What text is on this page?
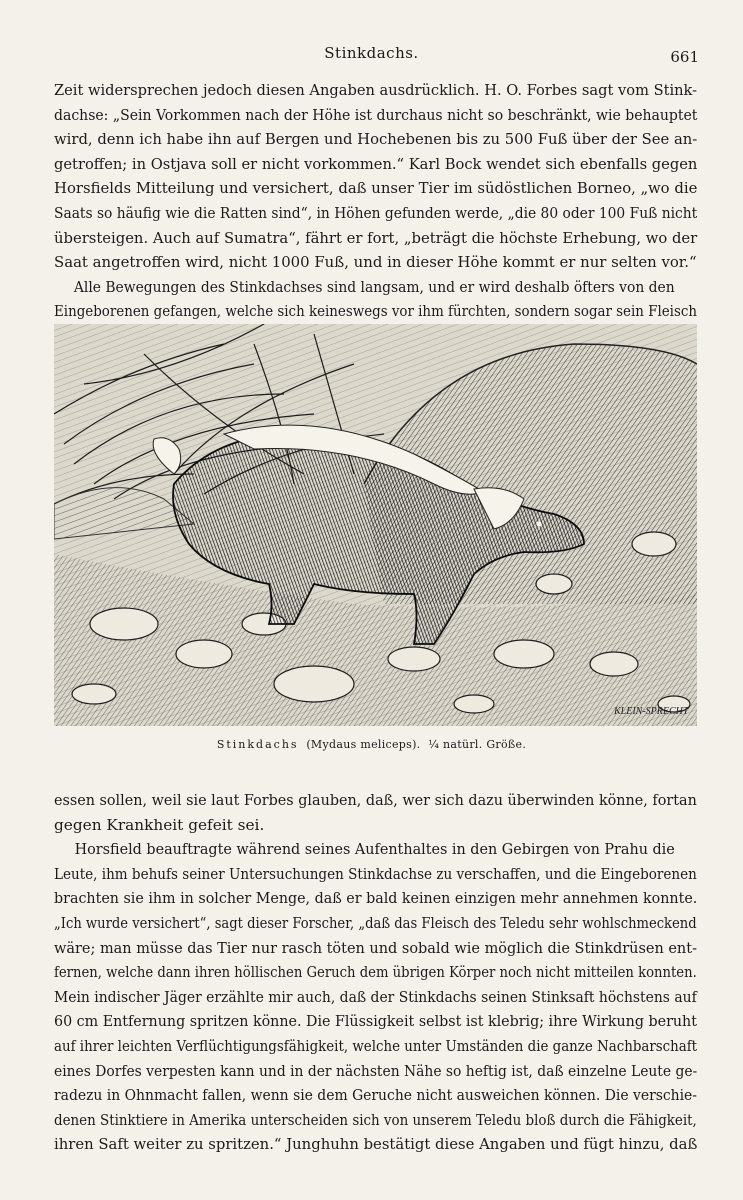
Stinkdachs.	661

Zeit widersprechen jedoch diesen Angaben ausdrücklich. H. O. Forbes sagt vom Stink-
dachse: „Sein Vorkommen nach der Höhe ist durchaus nicht so beschränkt, wie behauptet
wird, denn ich habe ihn auf Bergen und Hochebenen bis zu 500 Fuß über der See an-
getroffen; in Ostjava soll er nicht vorkommen.“ Karl Bock wendet sich ebenfalls gegen
Horsfields Mitteilung und versichert, daß unser Tier im südöstlichen Borneo, „wo die
Saats so häufig wie die Ratten sind“, in Höhen gefunden werde, „die 80 oder 100 Fuß nicht
übersteigen. Auch auf Sumatra“, fährt er fort, „beträgt die höchste Erhebung, wo der
Saat angetroffen wird, nicht 1000 Fuß, und in dieser Höhe kommt er nur selten vor.“

Alle Bewegungen des Stinkdachses sind langsam, und er wird deshalb öfters von den
Eingeborenen gefangen, welche sich keineswegs vor ihm fürchten, sondern sogar sein Fleisch

KLEIN-SPRECHT
Stinkdachs (Mydaus meliceps). ¼ natürl. Größe.

essen sollen, weil sie laut Forbes glauben, daß, wer sich dazu überwinden könne, fortan
gegen Krankheit gefeit sei.

Horsfield beauftragte während seines Aufenthaltes in den Gebirgen von Prahu die
Leute, ihm behufs seiner Untersuchungen Stinkdachse zu verschaffen, und die Eingeborenen
brachten sie ihm in solcher Menge, daß er bald keinen einzigen mehr annehmen konnte.
„Ich wurde versichert“, sagt dieser Forscher, „daß das Fleisch des Teledu sehr wohlschmeckend
wäre; man müsse das Tier nur rasch töten und sobald wie möglich die Stinkdrüsen ent-
fernen, welche dann ihren höllischen Geruch dem übrigen Körper noch nicht mitteilen konnten.
Mein indischer Jäger erzählte mir auch, daß der Stinkdachs seinen Stinksaft höchstens auf
60 cm Entfernung spritzen könne. Die Flüssigkeit selbst ist klebrig; ihre Wirkung beruht
auf ihrer leichten Verflüchtigungsfähigkeit, welche unter Umständen die ganze Nachbarschaft
eines Dorfes verpesten kann und in der nächsten Nähe so heftig ist, daß einzelne Leute ge-
radezu in Ohnmacht fallen, wenn sie dem Geruche nicht ausweichen können. Die verschie-
denen Stinktiere in Amerika unterscheiden sich von unserem Teledu bloß durch die Fähigkeit,
ihren Saft weiter zu spritzen.“ Junghuhn bestätigt diese Angaben und fügt hinzu, daß
